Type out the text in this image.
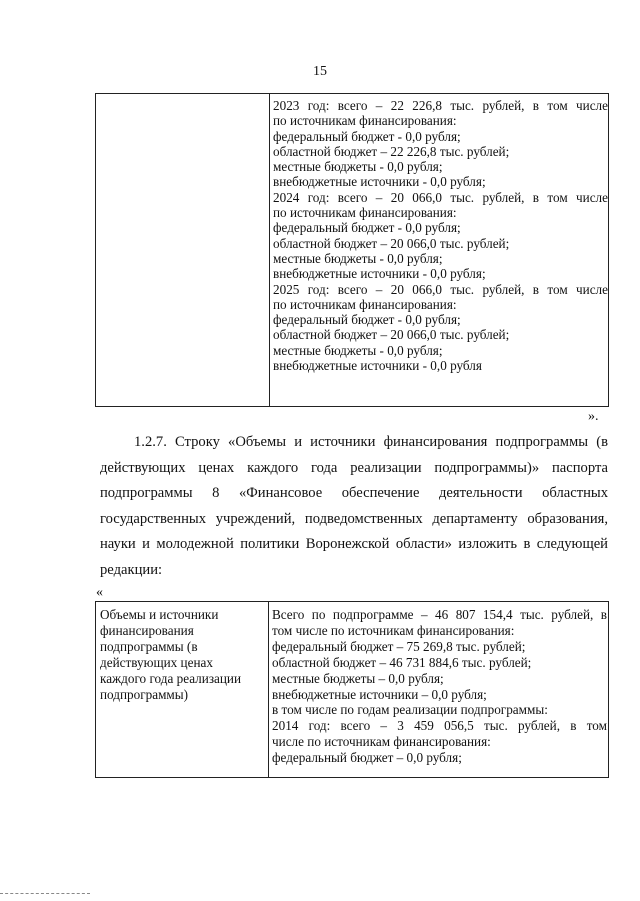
15
2023 год: всего – 22 226,8 тыс. рублей, в том числе
по источникам финансирования:
федеральный бюджет - 0,0 рубля;
областной бюджет – 22 226,8 тыс. рублей;
местные бюджеты - 0,0 рубля;
внебюджетные источники - 0,0 рубля;
2024 год: всего – 20 066,0 тыс. рублей, в том числе
по источникам финансирования:
федеральный бюджет - 0,0 рубля;
областной бюджет – 20 066,0 тыс. рублей;
местные бюджеты - 0,0 рубля;
внебюджетные источники - 0,0 рубля;
2025 год: всего – 20 066,0 тыс. рублей, в том числе
по источникам финансирования:
федеральный бюджет - 0,0 рубля;
областной бюджет – 20 066,0 тыс. рублей;
местные бюджеты - 0,0 рубля;
внебюджетные источники - 0,0 рубля
».
1.2.7. Строку «Объемы и источники финансирования подпрограммы (в
действующих ценах каждого года реализации подпрограммы)» паспорта
подпрограммы 8 «Финансовое обеспечение деятельности областных
государственных учреждений, подведомственных департаменту образования,
науки и молодежной политики Воронежской области» изложить в следующей
редакции:
«
Объемы и источники
финансирования
подпрограммы (в
действующих ценах
каждого года реализации
подпрограммы)
Всего по подпрограмме – 46 807 154,4 тыс. рублей, в
том числе по источникам финансирования:
федеральный бюджет – 75 269,8 тыс. рублей;
областной бюджет – 46 731 884,6 тыс. рублей;
местные бюджеты – 0,0 рубля;
внебюджетные источники – 0,0 рубля;
в том числе по годам реализации подпрограммы:
2014 год: всего – 3 459 056,5 тыс. рублей, в том
числе по источникам финансирования:
федеральный бюджет – 0,0 рубля;
